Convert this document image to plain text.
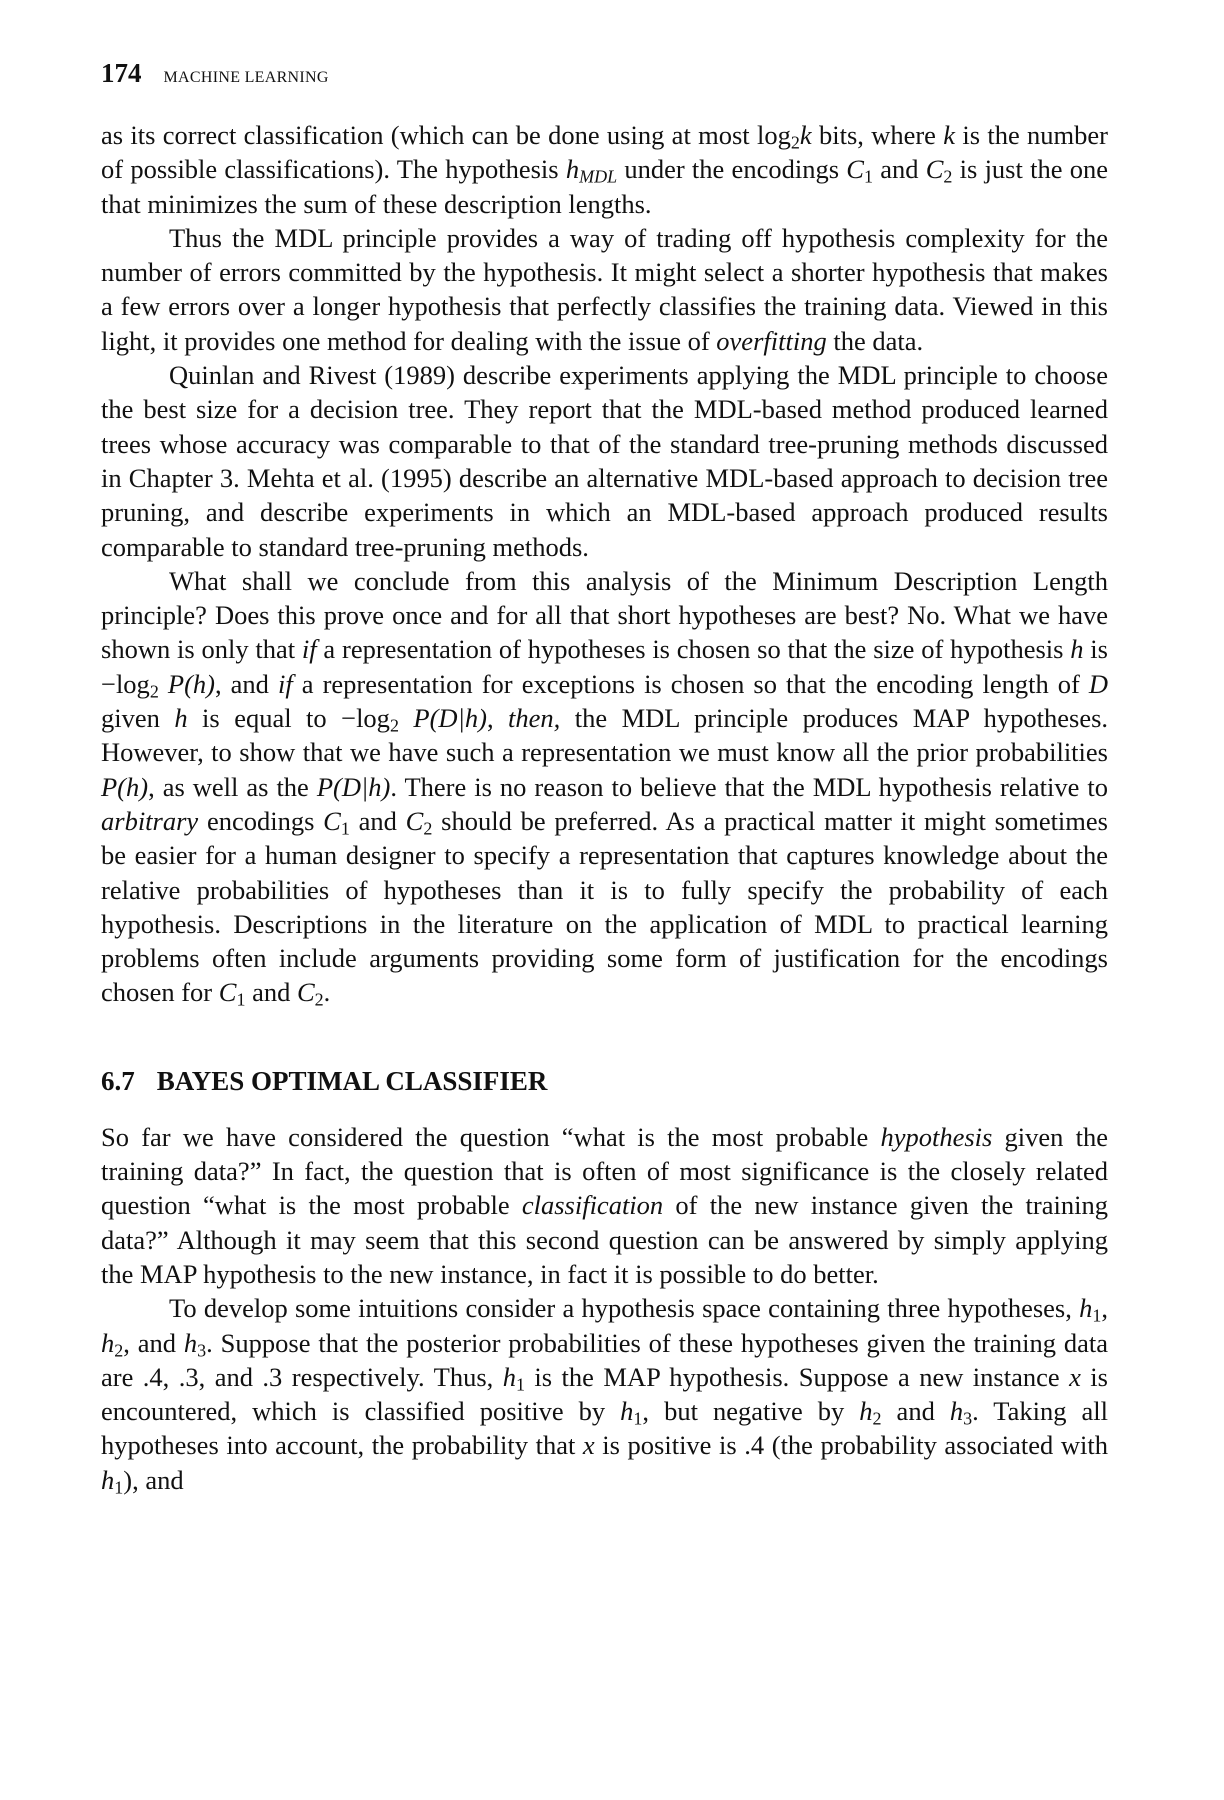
174 MACHINE LEARNING

as its correct classification (which can be done using at most $\log_2k$ bits, where k is the number of possible classifications). The hypothesis $h_{MDL}$ under the encodings $C_1$ and $C_2$ is just the one that minimizes the sum of these description lengths.

Thus the MDL principle provides a way of trading off hypothesis complexity for the number of errors committed by the hypothesis. It might select a shorter hypothesis that makes a few errors over a longer hypothesis that perfectly classifies the training data. Viewed in this light, it provides one method for dealing with the issue of overfitting the data.

Quinlan and Rivest (1989) describe experiments applying the MDL principle to choose the best size for a decision tree. They report that the MDL-based method produced learned trees whose accuracy was comparable to that of the standard tree-pruning methods discussed in Chapter 3. Mehta et al. (1995) describe an alternative MDL-based approach to decision tree pruning, and describe experiments in which an MDL-based approach produced results comparable to standard tree-pruning methods.

What shall we conclude from this analysis of the Minimum Description Length principle? Does this prove once and for all that short hypotheses are best? No. What we have shown is only that if a representation of hypotheses is chosen so that the size of hypothesis h is $-\log_2$ P(h), and if a representation for exceptions is chosen so that the encoding length of D given h is equal to $-\log_2$ P(D|h), then, the MDL principle produces MAP hypotheses. However, to show that we have such a representation we must know all the prior probabilities P(h), as well as the P(D|h). There is no reason to believe that the MDL hypothesis relative to arbitrary encodings $C_1$ and $C_2$ should be preferred. As a practical matter it might sometimes be easier for a human designer to specify a representation that captures knowledge about the relative probabilities of hypotheses than it is to fully specify the probability of each hypothesis. Descriptions in the literature on the application of MDL to practical learning problems often include arguments providing some form of justification for the encodings chosen for $C_1$ and $C_2$.

6.7 BAYES OPTIMAL CLASSIFIER

So far we have considered the question “what is the most probable hypothesis given the training data?” In fact, the question that is often of most significance is the closely related question “what is the most probable classification of the new instance given the training data?” Although it may seem that this second question can be answered by simply applying the MAP hypothesis to the new instance, in fact it is possible to do better.

To develop some intuitions consider a hypothesis space containing three hypotheses, $h_1$, $h_2$, and $h_3$. Suppose that the posterior probabilities of these hypotheses given the training data are .4, .3, and .3 respectively. Thus, $h_1$ is the MAP hypothesis. Suppose a new instance x is encountered, which is classified positive by $h_1$, but negative by $h_2$ and $h_3$. Taking all hypotheses into account, the probability that x is positive is .4 (the probability associated with $h_1$), and
